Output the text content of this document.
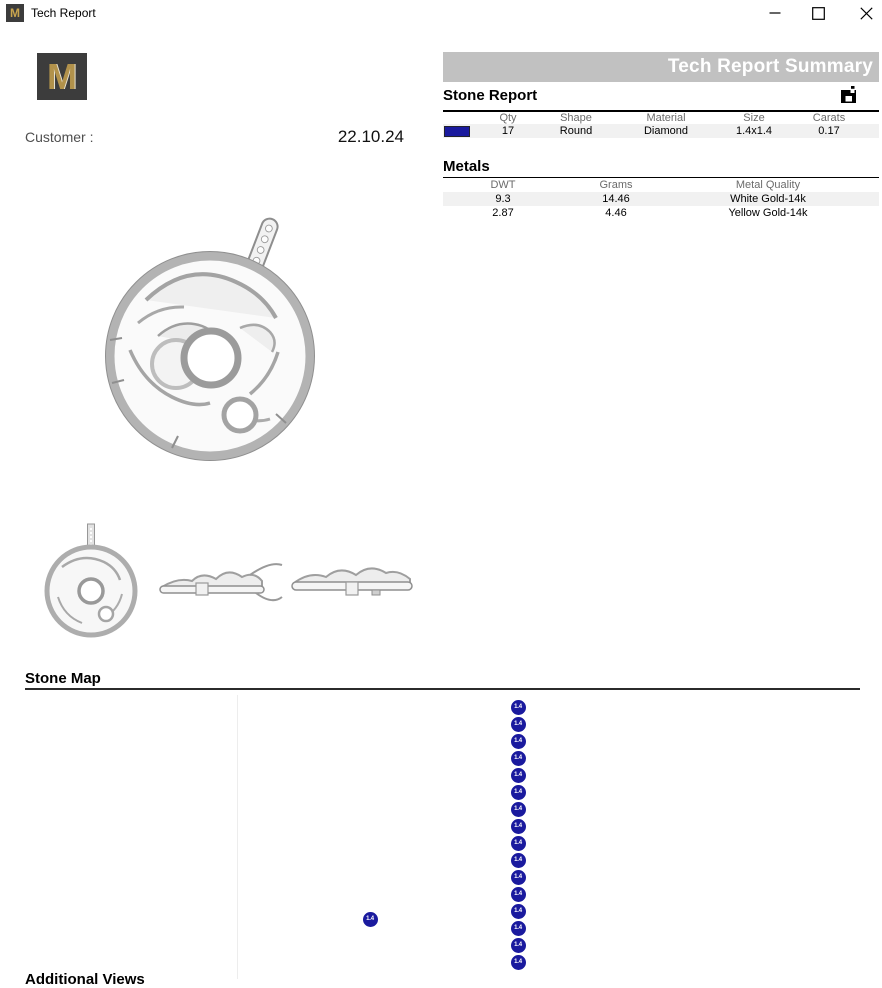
M Tech Report
M
Customer :	22.10.24
Tech Report Summary
Stone Report
Qty	Shape	Material	Size	Carats
17	Round	Diamond	1.4x1.4	0.17
Metals
DWT	Grams	Metal Quality
9.3	14.46	White Gold-14k
2.87	4.46	Yellow Gold-14k
Stone Map
1.4
1.4
1.4
1.4
1.4
1.4
1.4
1.4
1.4
1.4
1.4
1.4
1.4
1.4
1.4
1.4
1.4
Additional Views
